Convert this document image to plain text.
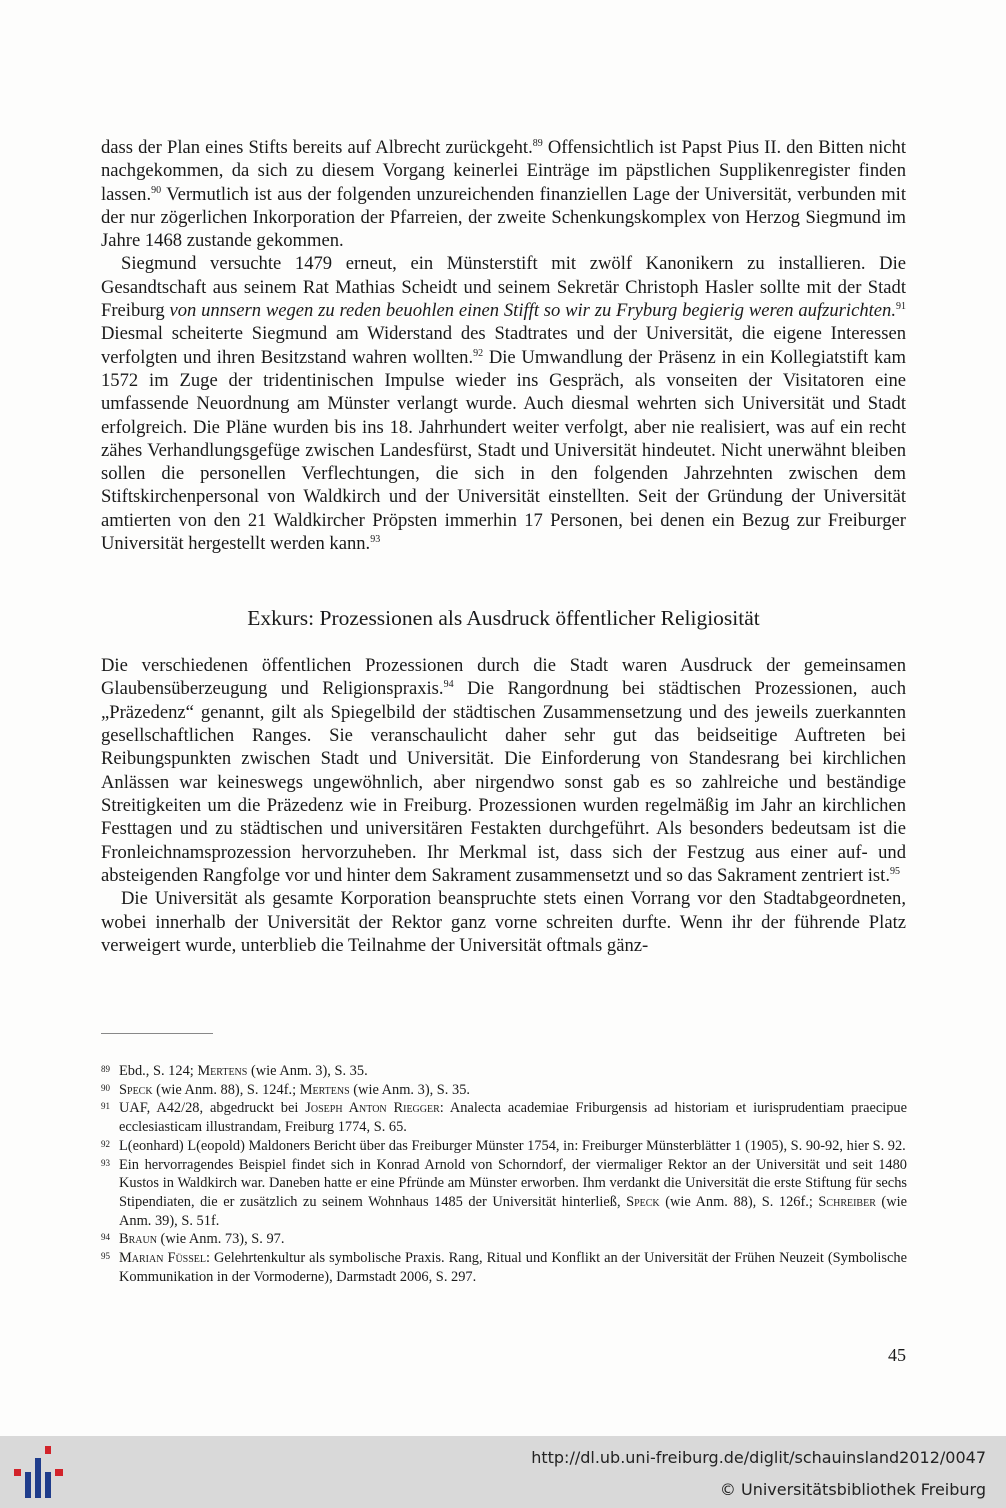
dass der Plan eines Stifts bereits auf Albrecht zurückgeht.$^{89}$ Offensichtlich ist Papst Pius II. den Bitten nicht nachgekommen, da sich zu diesem Vorgang keinerlei Einträge im päpstlichen Supplikenregister finden lassen.$^{90}$ Vermutlich ist aus der folgenden unzureichenden finanziellen Lage der Universität, verbunden mit der nur zögerlichen Inkorporation der Pfarreien, der zweite Schenkungskomplex von Herzog Siegmund im Jahre 1468 zustande gekommen.

Siegmund versuchte 1479 erneut, ein Münsterstift mit zwölf Kanonikern zu installieren. Die Gesandtschaft aus seinem Rat Mathias Scheidt und seinem Sekretär Christoph Hasler sollte mit der Stadt Freiburg von unnsern wegen zu reden beuohlen einen Stifft so wir zu Fryburg begierig weren aufzurichten.$^{91}$ Diesmal scheiterte Siegmund am Widerstand des Stadtrates und der Universität, die eigene Interessen verfolgten und ihren Besitzstand wahren wollten.$^{92}$ Die Umwandlung der Präsenz in ein Kollegiatstift kam 1572 im Zuge der tridentinischen Impulse wieder ins Gespräch, als vonseiten der Visitatoren eine umfassende Neuordnung am Münster verlangt wurde. Auch diesmal wehrten sich Universität und Stadt erfolgreich. Die Pläne wurden bis ins 18. Jahrhundert weiter verfolgt, aber nie realisiert, was auf ein recht zähes Verhandlungsgefüge zwischen Landesfürst, Stadt und Universität hindeutet. Nicht unerwähnt bleiben sollen die personellen Verflechtungen, die sich in den folgenden Jahrzehnten zwischen dem Stiftskirchenpersonal von Waldkirch und der Universität einstellten. Seit der Gründung der Universität amtierten von den 21 Waldkircher Pröpsten immerhin 17 Personen, bei denen ein Bezug zur Freiburger Universität hergestellt werden kann.$^{93}$

Exkurs: Prozessionen als Ausdruck öffentlicher Religiosität

Die verschiedenen öffentlichen Prozessionen durch die Stadt waren Ausdruck der gemeinsamen Glaubensüberzeugung und Religionspraxis.$^{94}$ Die Rangordnung bei städtischen Prozessionen, auch „Präzedenz“ genannt, gilt als Spiegelbild der städtischen Zusammensetzung und des jeweils zuerkannten gesellschaftlichen Ranges. Sie veranschaulicht daher sehr gut das beidseitige Auftreten bei Reibungspunkten zwischen Stadt und Universität. Die Einforderung von Standesrang bei kirchlichen Anlässen war keineswegs ungewöhnlich, aber nirgendwo sonst gab es so zahlreiche und beständige Streitigkeiten um die Präzedenz wie in Freiburg. Prozessionen wurden regelmäßig im Jahr an kirchlichen Festtagen und zu städtischen und universitären Festakten durchgeführt. Als besonders bedeutsam ist die Fronleichnamsprozession hervorzuheben. Ihr Merkmal ist, dass sich der Festzug aus einer auf- und absteigenden Rangfolge vor und hinter dem Sakrament zusammensetzt und so das Sakrament zentriert ist.$^{95}$

Die Universität als gesamte Korporation beanspruchte stets einen Vorrang vor den Stadtabgeordneten, wobei innerhalb der Universität der Rektor ganz vorne schreiten durfte. Wenn ihr der führende Platz verweigert wurde, unterblieb die Teilnahme der Universität oftmals gänz-

89 Ebd., S. 124; Mertens (wie Anm. 3), S. 35.
90 Speck (wie Anm. 88), S. 124f.; Mertens (wie Anm. 3), S. 35.
91 UAF, A42/28, abgedruckt bei Joseph Anton Riegger: Analecta academiae Friburgensis ad historiam et iurisprudentiam praecipue ecclesiasticam illustrandam, Freiburg 1774, S. 65.
92 L(eonhard) L(eopold) Maldoners Bericht über das Freiburger Münster 1754, in: Freiburger Münsterblätter 1 (1905), S. 90-92, hier S. 92.
93 Ein hervorragendes Beispiel findet sich in Konrad Arnold von Schorndorf, der viermaliger Rektor an der Universität und seit 1480 Kustos in Waldkirch war. Daneben hatte er eine Pfründe am Münster erworben. Ihm verdankt die Universität die erste Stiftung für sechs Stipendiaten, die er zusätzlich zu seinem Wohnhaus 1485 der Universität hinterließ, Speck (wie Anm. 88), S. 126f.; Schreiber (wie Anm. 39), S. 51f.
94 Braun (wie Anm. 73), S. 97.
95 Marian Füssel: Gelehrtenkultur als symbolische Praxis. Rang, Ritual und Konflikt an der Universität der Frühen Neuzeit (Symbolische Kommunikation in der Vormoderne), Darmstadt 2006, S. 297.
45
http://dl.ub.uni-freiburg.de/diglit/schauinsland2012/0047
© Universitätsbibliothek Freiburg
